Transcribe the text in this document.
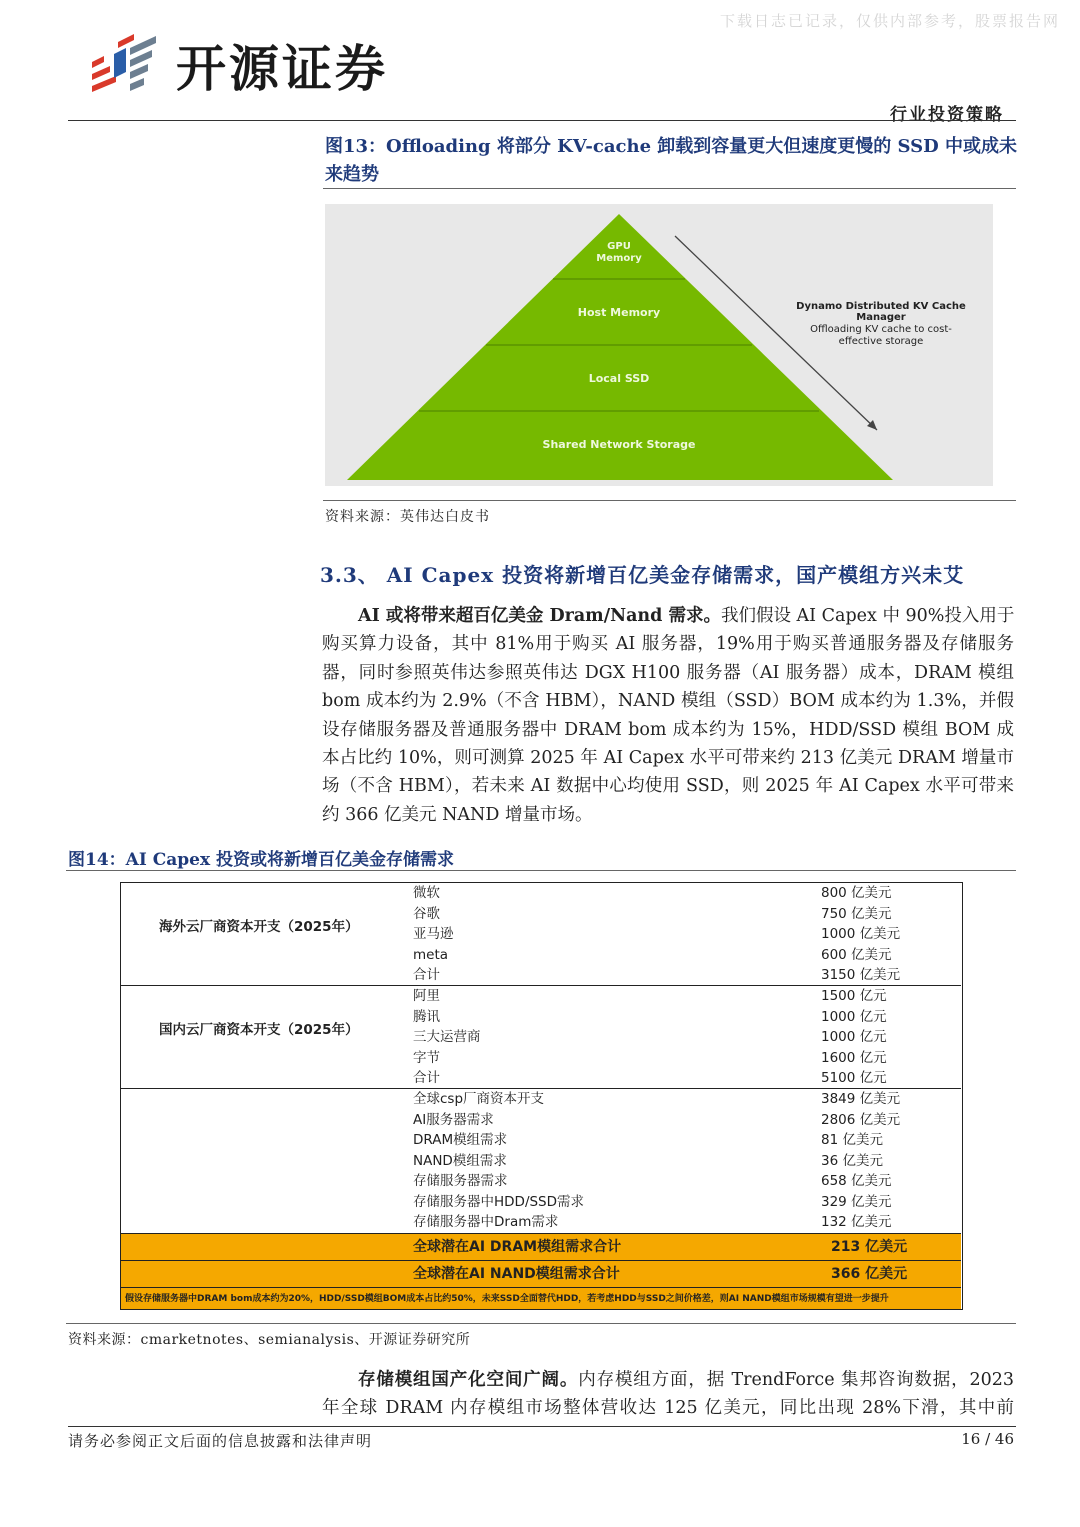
下载日志已记录，仅供内部参考，股票报告网
开源证券
行业投资策略
图13：Offloading 将部分 KV-cache 卸载到容量更大但速度更慢的 SSD 中或成未来趋势
GPU
Memory
Host Memory
Local SSD
Shared Network Storage
Dynamo Distributed KV Cache
Manager
Offloading KV cache to cost-
effective storage
资料来源：英伟达白皮书
3.3、 AI Capex 投资将新增百亿美金存储需求，国产模组方兴未艾
AI 或将带来超百亿美金 Dram/Nand 需求。我们假设 AI Capex 中 90%投入用于
购买算力设备，其中 81%用于购买 AI 服务器，19%用于购买普通服务器及存储服务
器，同时参照英伟达参照英伟达 DGX H100 服务器（AI 服务器）成本，DRAM 模组
bom 成本约为 2.9%（不含 HBM），NAND 模组（SSD）BOM 成本约为 1.3%，并假
设存储服务器及普通服务器中 DRAM bom 成本约为 15%，HDD/SSD 模组 BOM 成
本占比约 10%，则可测算 2025 年 AI Capex 水平可带来约 213 亿美元 DRAM 增量市
场（不含 HBM），若未来 AI 数据中心均使用 SSD，则 2025 年 AI Capex 水平可带来
约 366 亿美元 NAND 增量市场。
图14：AI Capex 投资或将新增百亿美金存储需求
海外云厂商资本开支（2025年）
微软	800 亿美元
谷歌	750 亿美元
亚马逊	1000 亿美元
meta	600 亿美元
合计	3150 亿美元
国内云厂商资本开支（2025年）
阿里	1500 亿元
腾讯	1000 亿元
三大运营商	1000 亿元
字节	1600 亿元
合计	5100 亿元
全球csp厂商资本开支	3849 亿美元
AI服务器需求	2806 亿美元
DRAM模组需求	81 亿美元
NAND模组需求	36 亿美元
存储服务器需求	658 亿美元
存储服务器中HDD/SSD需求	329 亿美元
存储服务器中Dram需求	132 亿美元
全球潜在AI DRAM模组需求合计	213 亿美元
全球潜在AI NAND模组需求合计	366 亿美元
假设存储服务器中DRAM bom成本约为20%，HDD/SSD模组BOM成本占比约50%，未来SSD全面替代HDD，若考虑HDD与SSD之间价格差，则AI NAND模组市场规模有望进一步提升
资料来源：cmarketnotes、semianalysis、开源证券研究所
存储模组国产化空间广阔。内存模组方面，据 TrendForce 集邦咨询数据，2023
年全球 DRAM 内存模组市场整体营收达 125 亿美元，同比出现 28%下滑，其中前
请务必参阅正文后面的信息披露和法律声明	16 / 46
